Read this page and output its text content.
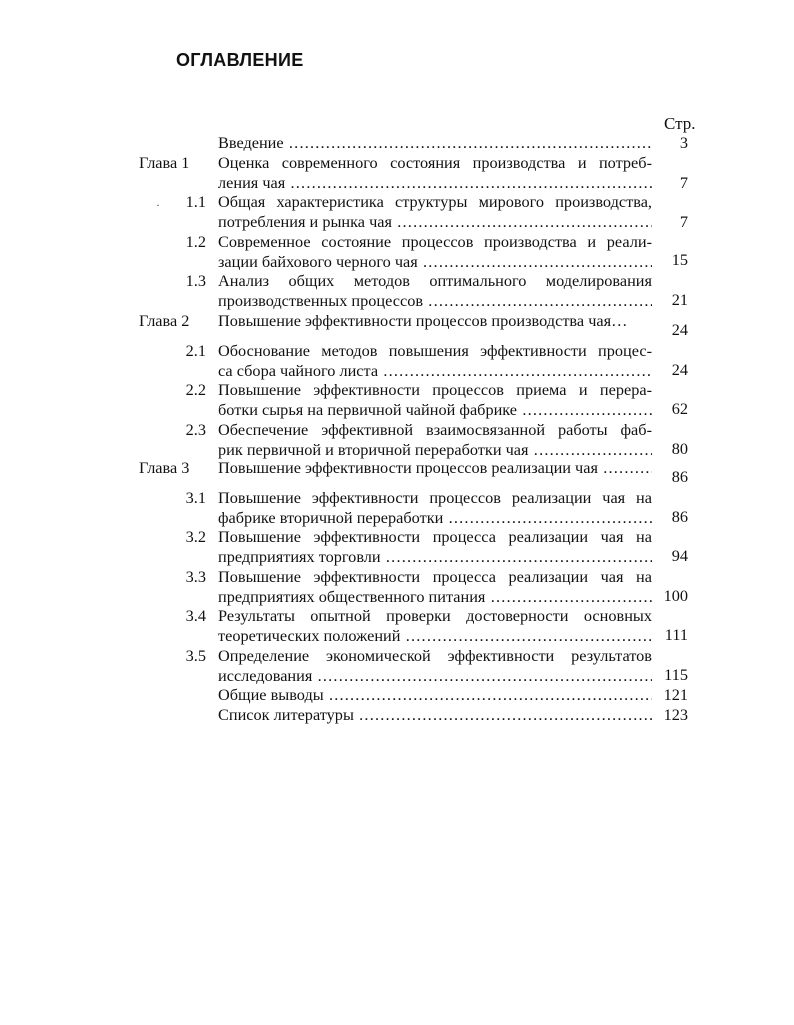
ОГЛАВЛЕНИЕ
Стр.
·
Введение .....	3
Глава 1	Оценка современного состояния производства и потреб-
ления чая .....	7
1.1 Общая характеристика структуры мирового производства,
потребления и рынка чая .....	7
1.2 Современное состояние процессов производства и реали-
зации байхового черного чая .....	15
1.3 Анализ общих методов оптимального моделирования
производственных процессов .....	21
Глава 2	Повышение эффективности процессов производства чая…	24
2.1 Обоснование методов повышения эффективности процес-
са сбора чайного листа .....	24
2.2 Повышение эффективности процессов приема и перера-
ботки сырья на первичной чайной фабрике .....	62
2.3 Обеспечение эффективной взаимосвязанной работы фаб-
рик первичной и вторичной переработки чая .....	80
Глава 3	Повышение эффективности процессов реализации чая .....	86
3.1 Повышение эффективности процессов реализации чая на
фабрике вторичной переработки .....	86
3.2 Повышение эффективности процесса реализации чая на
предприятиях торговли .....	94
3.3 Повышение эффективности процесса реализации чая на
предприятиях общественного питания .....	100
3.4 Результаты опытной проверки достоверности основных
теоретических положений .....	111
3.5 Определение экономической эффективности результатов
исследования .....	115
Общие выводы .....	121
Список литературы .....	123
